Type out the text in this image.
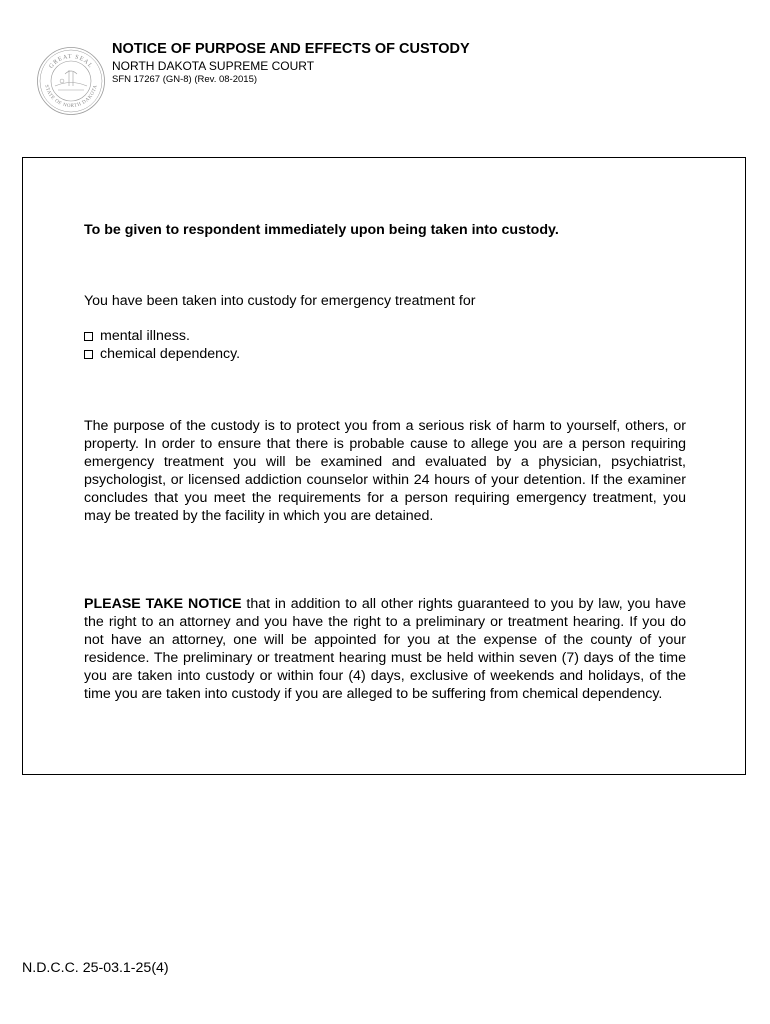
GREAT SEAL
STATE OF NORTH DAKOTA
NOTICE OF PURPOSE AND EFFECTS OF CUSTODY
NORTH DAKOTA SUPREME COURT
SFN 17267 (GN-8) (Rev. 08-2015)
To be given to respondent immediately upon being taken into custody.
You have been taken into custody for emergency treatment for
mental illness.
chemical dependency.
The purpose of the custody is to protect you from a serious risk of harm to yourself, others, or property. In order to ensure that there is probable cause to allege you are a person requiring emergency treatment you will be examined and evaluated by a physician, psychiatrist, psychologist, or licensed addiction counselor within 24 hours of your detention. If the examiner concludes that you meet the requirements for a person requiring emergency treatment, you may be treated by the facility in which you are detained.
PLEASE TAKE NOTICE that in addition to all other rights guaranteed to you by law, you have the right to an attorney and you have the right to a preliminary or treatment hearing. If you do not have an attorney, one will be appointed for you at the expense of the county of your residence. The preliminary or treatment hearing must be held within seven (7) days of the time you are taken into custody or within four (4) days, exclusive of weekends and holidays, of the time you are taken into custody if you are alleged to be suffering from chemical dependency.
N.D.C.C. 25-03.1-25(4)
